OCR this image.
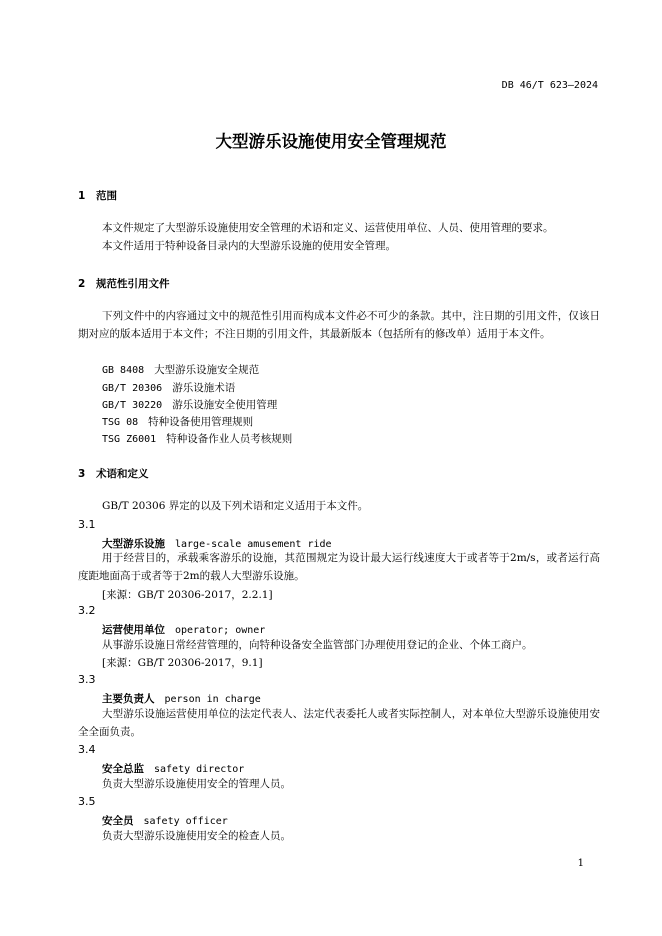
DB 46/T 623—2024
大型游乐设施使用安全管理规范
1 范围
本文件规定了大型游乐设施使用安全管理的术语和定义、运营使用单位、人员、使用管理的要求。
本文件适用于特种设备目录内的大型游乐设施的使用安全管理。
2 规范性引用文件
下列文件中的内容通过文中的规范性引用而构成本文件必不可少的条款。其中，注日期的引用文件，仅该日期对应的版本适用于本文件；不注日期的引用文件，其最新版本（包括所有的修改单）适用于本文件。
GB 8408 大型游乐设施安全规范
GB/T 20306 游乐设施术语
GB/T 30220 游乐设施安全使用管理
TSG 08 特种设备使用管理规则
TSG Z6001 特种设备作业人员考核规则
3 术语和定义
GB/T 20306 界定的以及下列术语和定义适用于本文件。
3.1
大型游乐设施 large-scale amusement ride
用于经营目的，承载乘客游乐的设施，其范围规定为设计最大运行线速度大于或者等于2m/s，或者运行高度距地面高于或者等于2m的载人大型游乐设施。
[来源：GB/T 20306-2017，2.2.1]
3.2
运营使用单位 operator; owner
从事游乐设施日常经营管理的，向特种设备安全监管部门办理使用登记的企业、个体工商户。
[来源：GB/T 20306-2017，9.1]
3.3
主要负责人 person in charge
大型游乐设施运营使用单位的法定代表人、法定代表委托人或者实际控制人，对本单位大型游乐设施使用安全全面负责。
3.4
安全总监 safety director
负责大型游乐设施使用安全的管理人员。
3.5
安全员 safety officer
负责大型游乐设施使用安全的检查人员。
1
